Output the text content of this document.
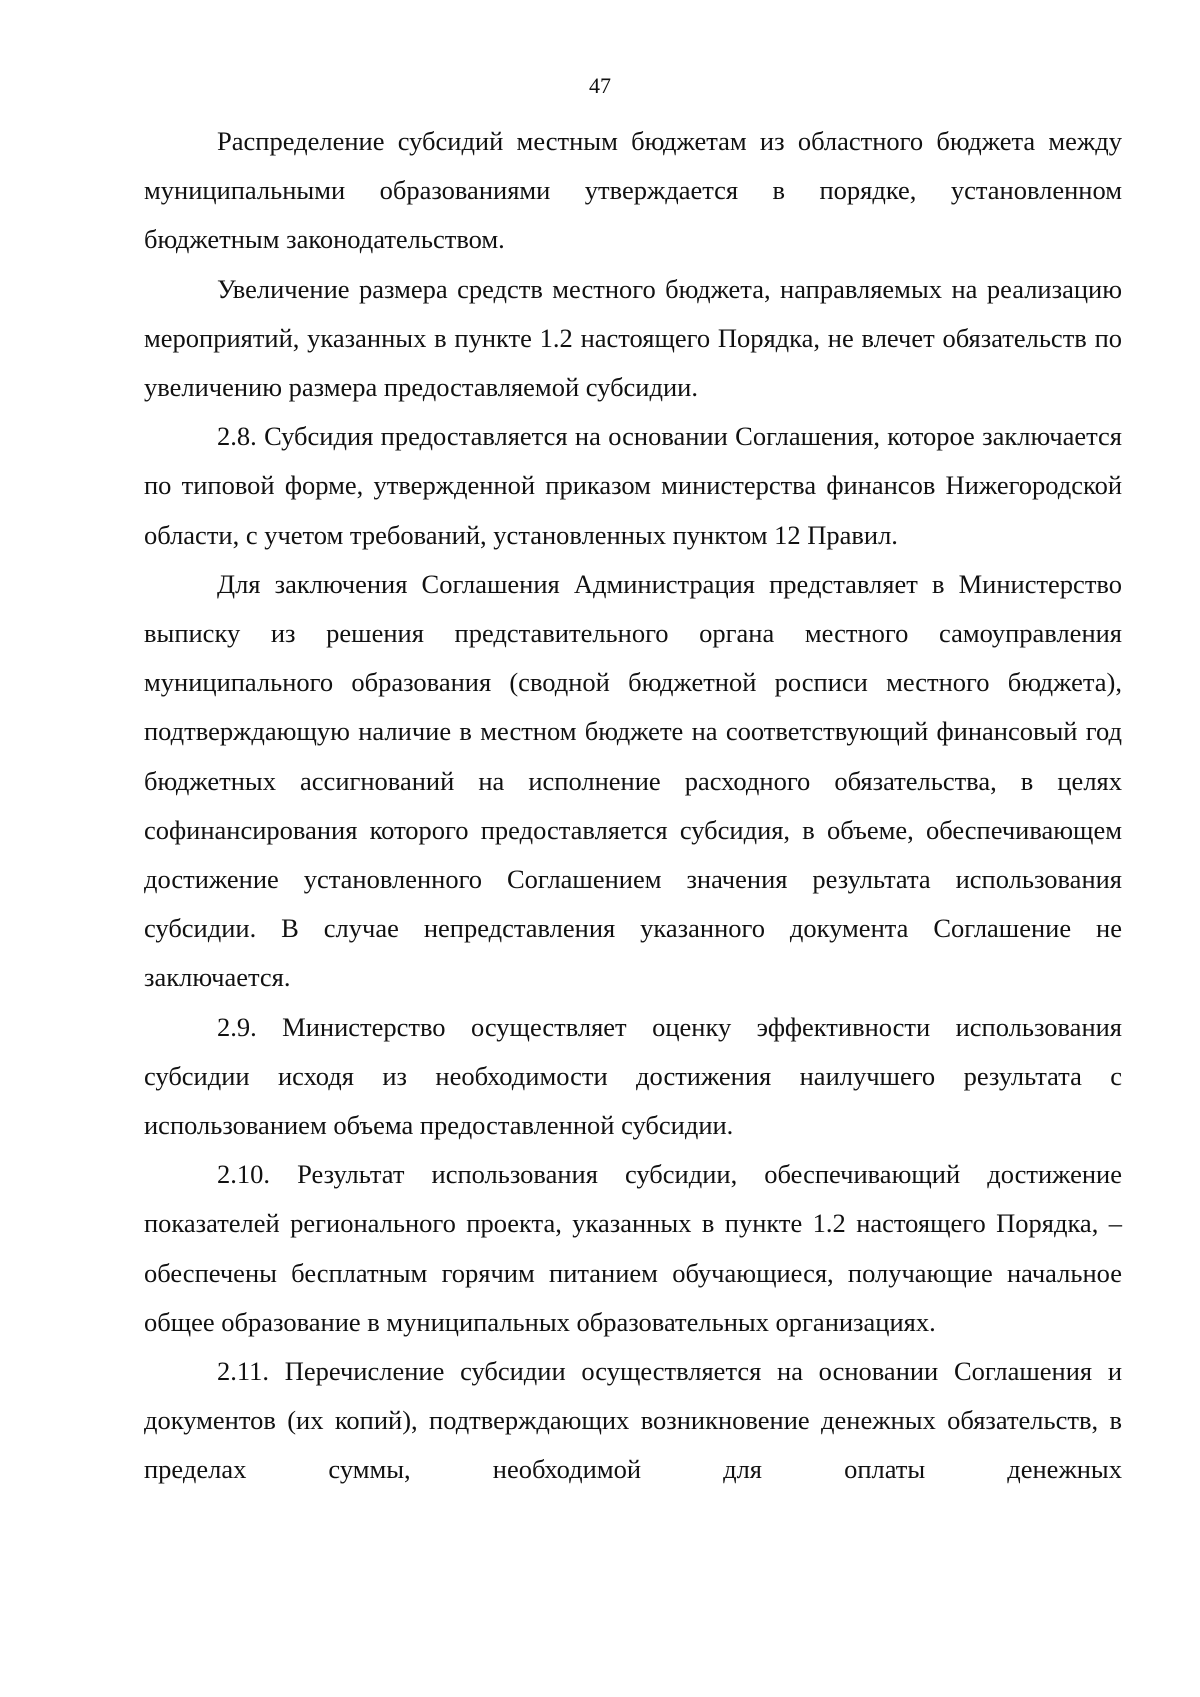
47

Распределение субсидий местным бюджетам из областного бюджета между муниципальными образованиями утверждается в порядке, установленном бюджетным законодательством.

Увеличение размера средств местного бюджета, направляемых на реализацию мероприятий, указанных в пункте 1.2 настоящего Порядка, не влечет обязательств по увеличению размера предоставляемой субсидии.

2.8. Субсидия предоставляется на основании Соглашения, которое заключается по типовой форме, утвержденной приказом министерства финансов Нижегородской области, с учетом требований, установленных пунктом 12 Правил.

Для заключения Соглашения Администрация представляет в Министерство выписку из решения представительного органа местного самоуправления муниципального образования (сводной бюджетной росписи местного бюджета), подтверждающую наличие в местном бюджете на соответствующий финансовый год бюджетных ассигнований на исполнение расходного обязательства, в целях софинансирования которого предоставляется субсидия, в объеме, обеспечивающем достижение установленного Соглашением значения результата использования субсидии. В случае непредставления указанного документа Соглашение не заключается.

2.9. Министерство осуществляет оценку эффективности использования субсидии исходя из необходимости достижения наилучшего результата с использованием объема предоставленной субсидии.

2.10. Результат использования субсидии, обеспечивающий достижение показателей регионального проекта, указанных в пункте 1.2 настоящего Порядка, – обеспечены бесплатным горячим питанием обучающиеся, получающие начальное общее образование в муниципальных образовательных организациях.

2.11. Перечисление субсидии осуществляется на основании Соглашения и документов (их копий), подтверждающих возникновение денежных обязательств, в пределах суммы, необходимой для оплаты денежных
